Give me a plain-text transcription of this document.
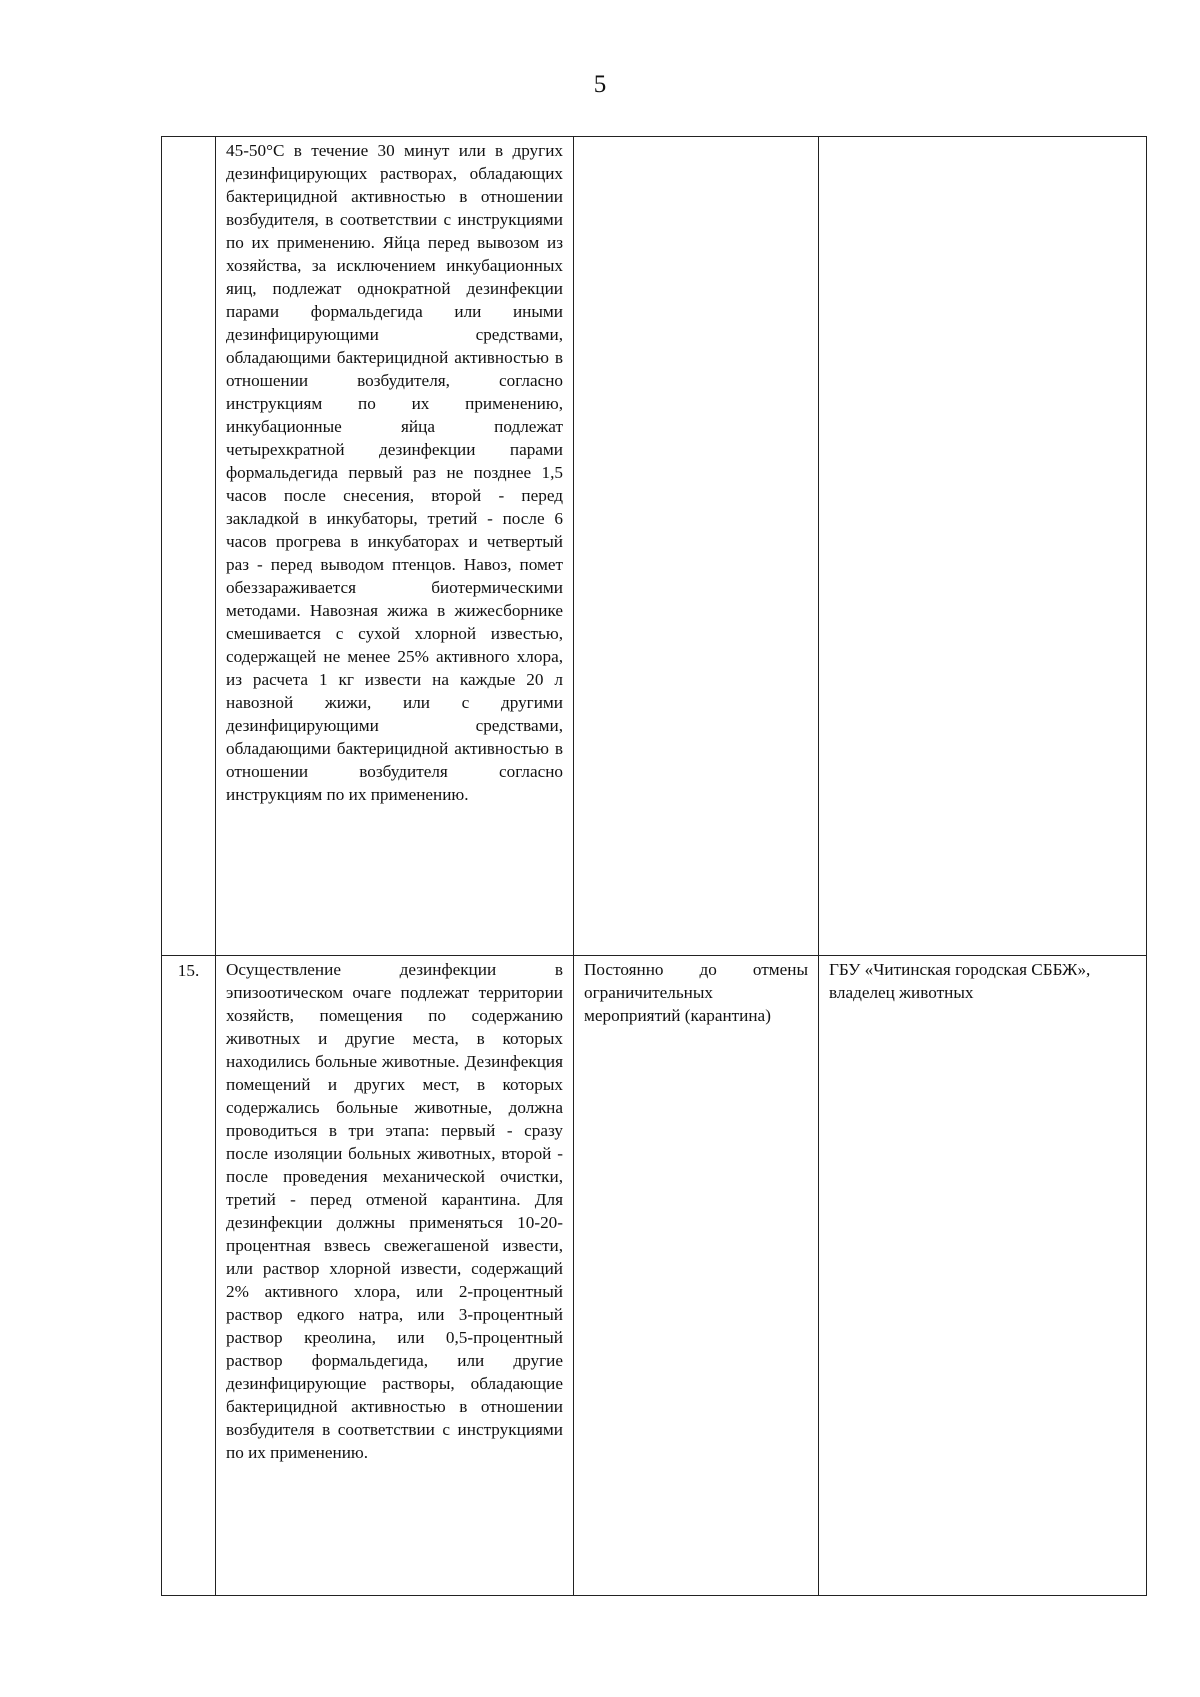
5

	45-50°C в течение 30 минут или в других дезинфицирующих растворах, обладающих бактерицидной активностью в отношении возбудителя, в соответствии с инструкциями по их применению. Яйца перед вывозом из хозяйства, за исключением инкубационных яиц, подлежат однократной дезинфекции парами формальдегида или иными дезинфицирующими средствами, обладающими бактерицидной активностью в отношении возбудителя, согласно инструкциям по их применению, инкубационные яйца подлежат четырехкратной дезинфекции парами формальдегида первый раз не позднее 1,5 часов после снесения, второй - перед закладкой в инкубаторы, третий - после 6 часов прогрева в инкубаторах и четвертый раз - перед выводом птенцов. Навоз, помет обеззараживается биотермическими методами. Навозная жижа в жижесборнике смешивается с сухой хлорной известью, содержащей не менее 25% активного хлора, из расчета 1 кг извести на каждые 20 л навозной жижи, или с другими дезинфицирующими средствами, обладающими бактерицидной активностью в отношении возбудителя согласно инструкциям по их применению.		

15.	Осуществление дезинфекции в эпизоотическом очаге подлежат территории хозяйств, помещения по содержанию животных и другие места, в которых находились больные животные. Дезинфекция помещений и других мест, в которых содержались больные животные, должна проводиться в три этапа: первый - сразу после изоляции больных животных, второй - после проведения механической очистки, третий - перед отменой карантина. Для дезинфекции должны применяться 10-20-процентная взвесь свежегашеной извести, или раствор хлорной извести, содержащий 2% активного хлора, или 2-процентный раствор едкого натра, или 3-процентный раствор креолина, или 0,5-процентный раствор формальдегида, или другие дезинфицирующие растворы, обладающие бактерицидной активностью в отношении возбудителя в соответствии с инструкциями по их применению.	Постоянно до отмены ограничительных мероприятий (карантина)	ГБУ «Читинская городская СББЖ», владелец животных
